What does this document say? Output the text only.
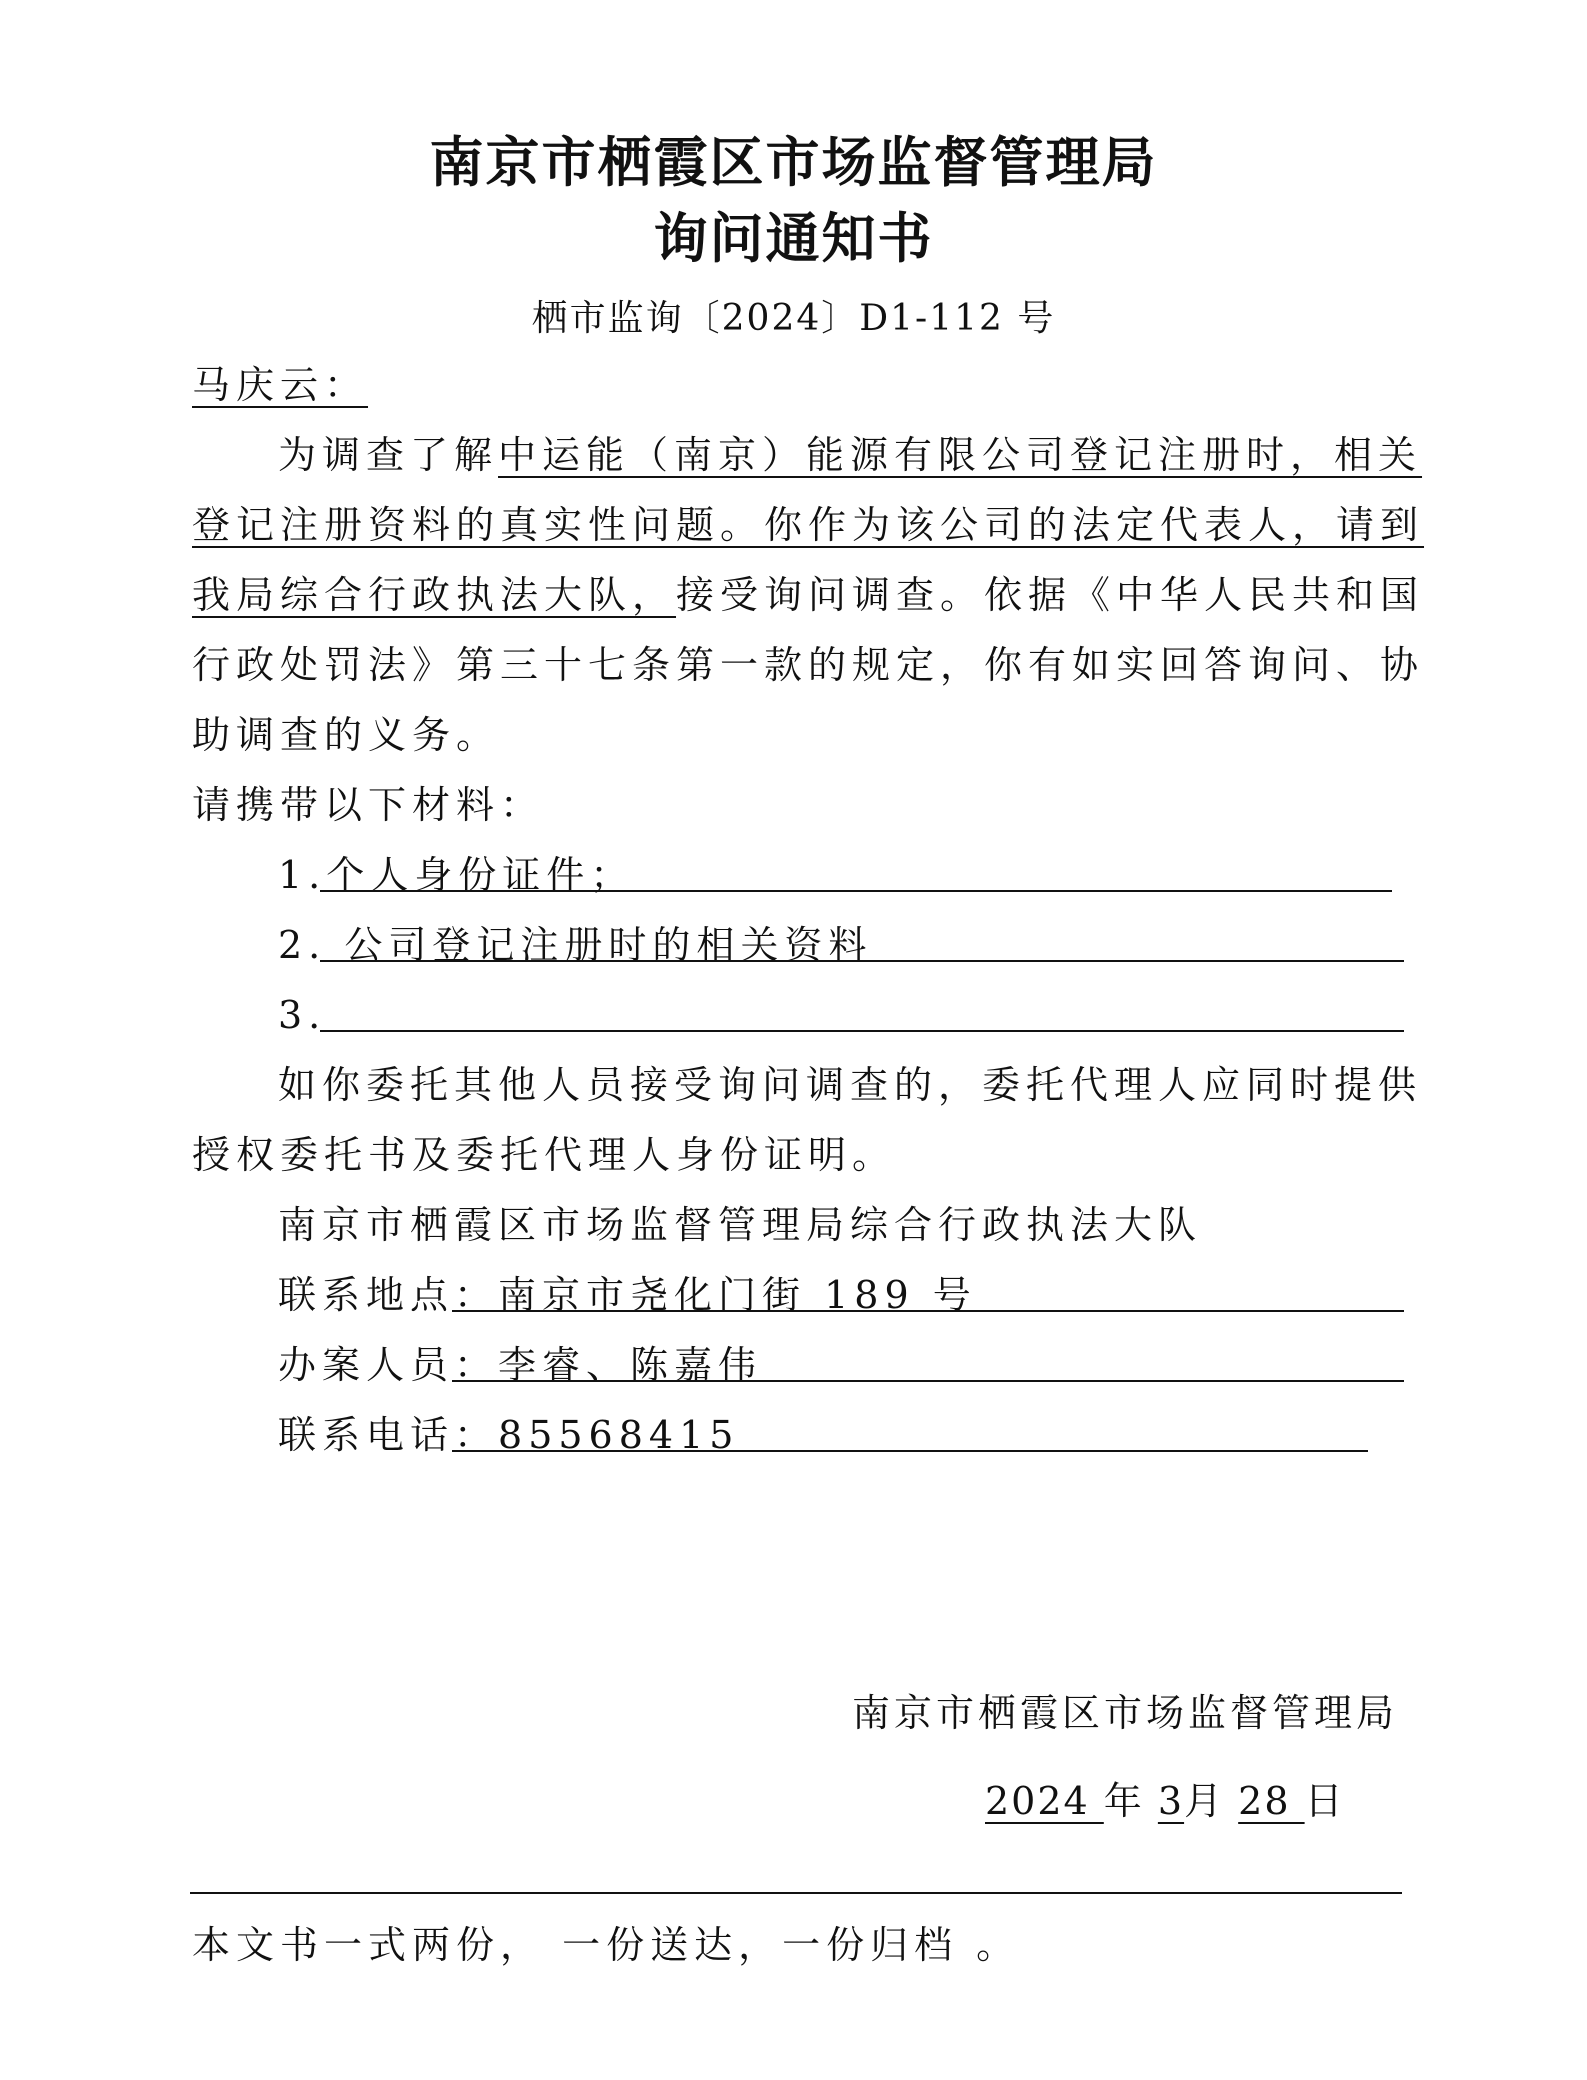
南京市栖霞区市场监督管理局
询问通知书
栖市监询〔2024〕D1-112 号
马庆云：
为调查了解中运能（南京）能源有限公司登记注册时，相关
登记注册资料的真实性问题。你作为该公司的法定代表人，请到
我局综合行政执法大队，接受询问调查。依据《中华人民共和国
行政处罚法》第三十七条第一款的规定，你有如实回答询问、协
助调查的义务。
请携带以下材料：
1.个人身份证件；
2. 公司登记注册时的相关资料
3.
如你委托其他人员接受询问调查的，委托代理人应同时提供
授权委托书及委托代理人身份证明。
南京市栖霞区市场监督管理局综合行政执法大队
联系地点：南京市尧化门街 189 号
办案人员：李睿、陈嘉伟
联系电话：85568415
南京市栖霞区市场监督管理局
2024 年 3月 28 日
本文书一式两份， 一份送达，一份归档 。
